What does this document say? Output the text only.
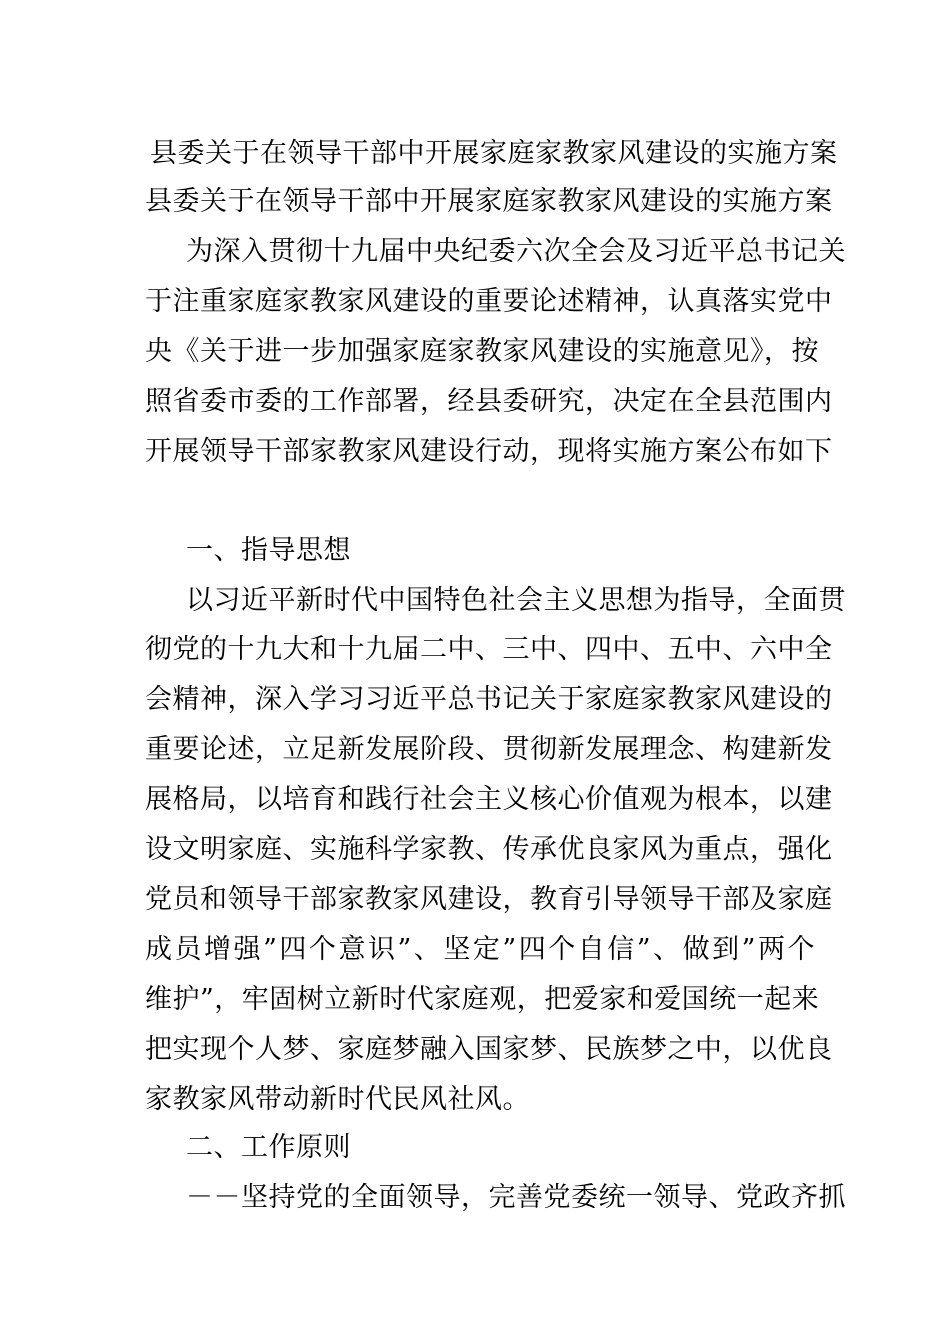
县委关于在领导干部中开展家庭家教家风建设的实施方案
县委关于在领导干部中开展家庭家教家风建设的实施方案
为深入贯彻十九届中央纪委六次全会及习近平总书记关
于注重家庭家教家风建设的重要论述精神，认真落实党中
央《关于进一步加强家庭家教家风建设的实施意见》，按
照省委市委的工作部署，经县委研究，决定在全县范围内
开展领导干部家教家风建设行动，现将实施方案公布如下
一、指导思想
以习近平新时代中国特色社会主义思想为指导，全面贯
彻党的十九大和十九届二中、三中、四中、五中、六中全
会精神，深入学习习近平总书记关于家庭家教家风建设的
重要论述，立足新发展阶段、贯彻新发展理念、构建新发
展格局，以培育和践行社会主义核心价值观为根本，以建
设文明家庭、实施科学家教、传承优良家风为重点，强化
党员和领导干部家教家风建设，教育引导领导干部及家庭
成员增强”四个意识”、坚定”四个自信”、做到”两个
维护”，牢固树立新时代家庭观，把爱家和爱国统一起来
把实现个人梦、家庭梦融入国家梦、民族梦之中，以优良
家教家风带动新时代民风社风。
二、工作原则
－－坚持党的全面领导，完善党委统一领导、党政齐抓
